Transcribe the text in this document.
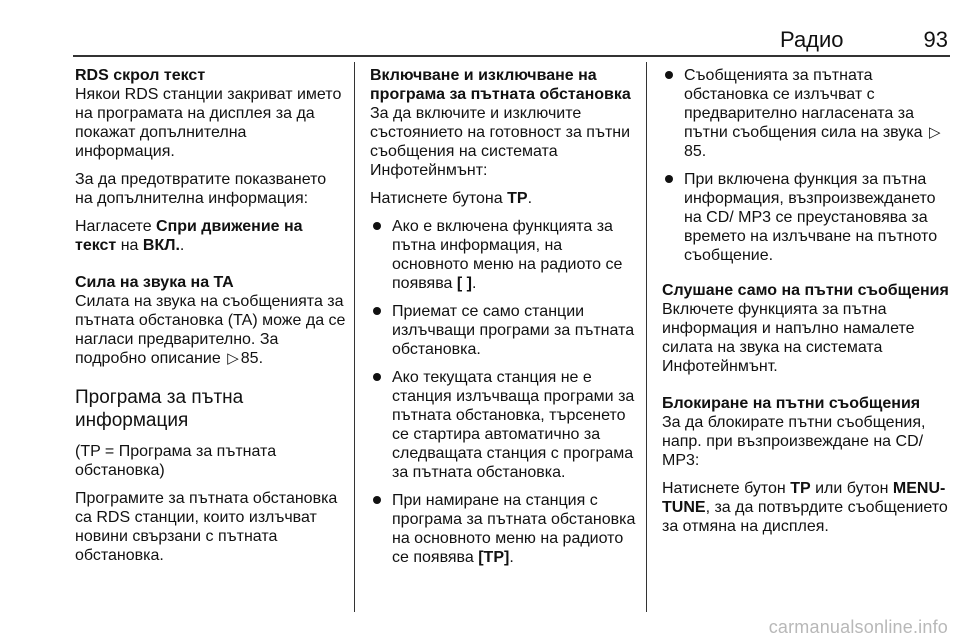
Радио	93
RDS скрол текст

Някои RDS станции закриват името на програмата на дисплея за да покажат допълнителна информация.

За да предотвратите показването на допълнителна информация:

Нагласете Спри движение на текст на ВКЛ..

Сила на звука на TA

Силата на звука на съобщенията за пътната обстановка (TA) може да се нагласи предварително. За подробно описание ▷ 85.

Програма за пътна информация

(TP = Програма за пътната обстановка)

Програмите за пътната обстановка са RDS станции, които излъчват новини свързани с пътната обстановка.

Включване и изключване на програма за пътната обстановка

За да включите и изключите състоянието на готовност за пътни съобщения на системата Инфотейнмънт:

Натиснете бутона TP.

Ако е включена функцията за пътна информация, на основното меню на радиото се появява [ ].
Приемат се само станции излъчващи програми за пътната обстановка.
Ако текущата станция не е станция излъчваща програми за пътната обстановка, търсенето се стартира автоматично за следващата станция с програма за пътната обстановка.
При намиране на станция с програма за пътната обстановка на основното меню на радиото се появява [TP].
Съобщенията за пътната обстановка се излъчват с предварително нагласената за пътни съобщения сила на звука ▷85.
При включена функция за пътна информация, възпроизвеждането на CD/ MP3 се преустановява за времето на излъчване на пътното съобщение.
Слушане само на пътни съобщения

Включете функцията за пътна информация и напълно намалете силата на звука на системата Инфотейнмънт.

Блокиране на пътни съобщения

За да блокирате пътни съобщения, напр. при възпроизвеждане на CD/ MP3:

Натиснете бутон TP или бутон MENU-TUNE, за да потвърдите съобщението за отмяна на дисплея.

carmanualsonline.info
